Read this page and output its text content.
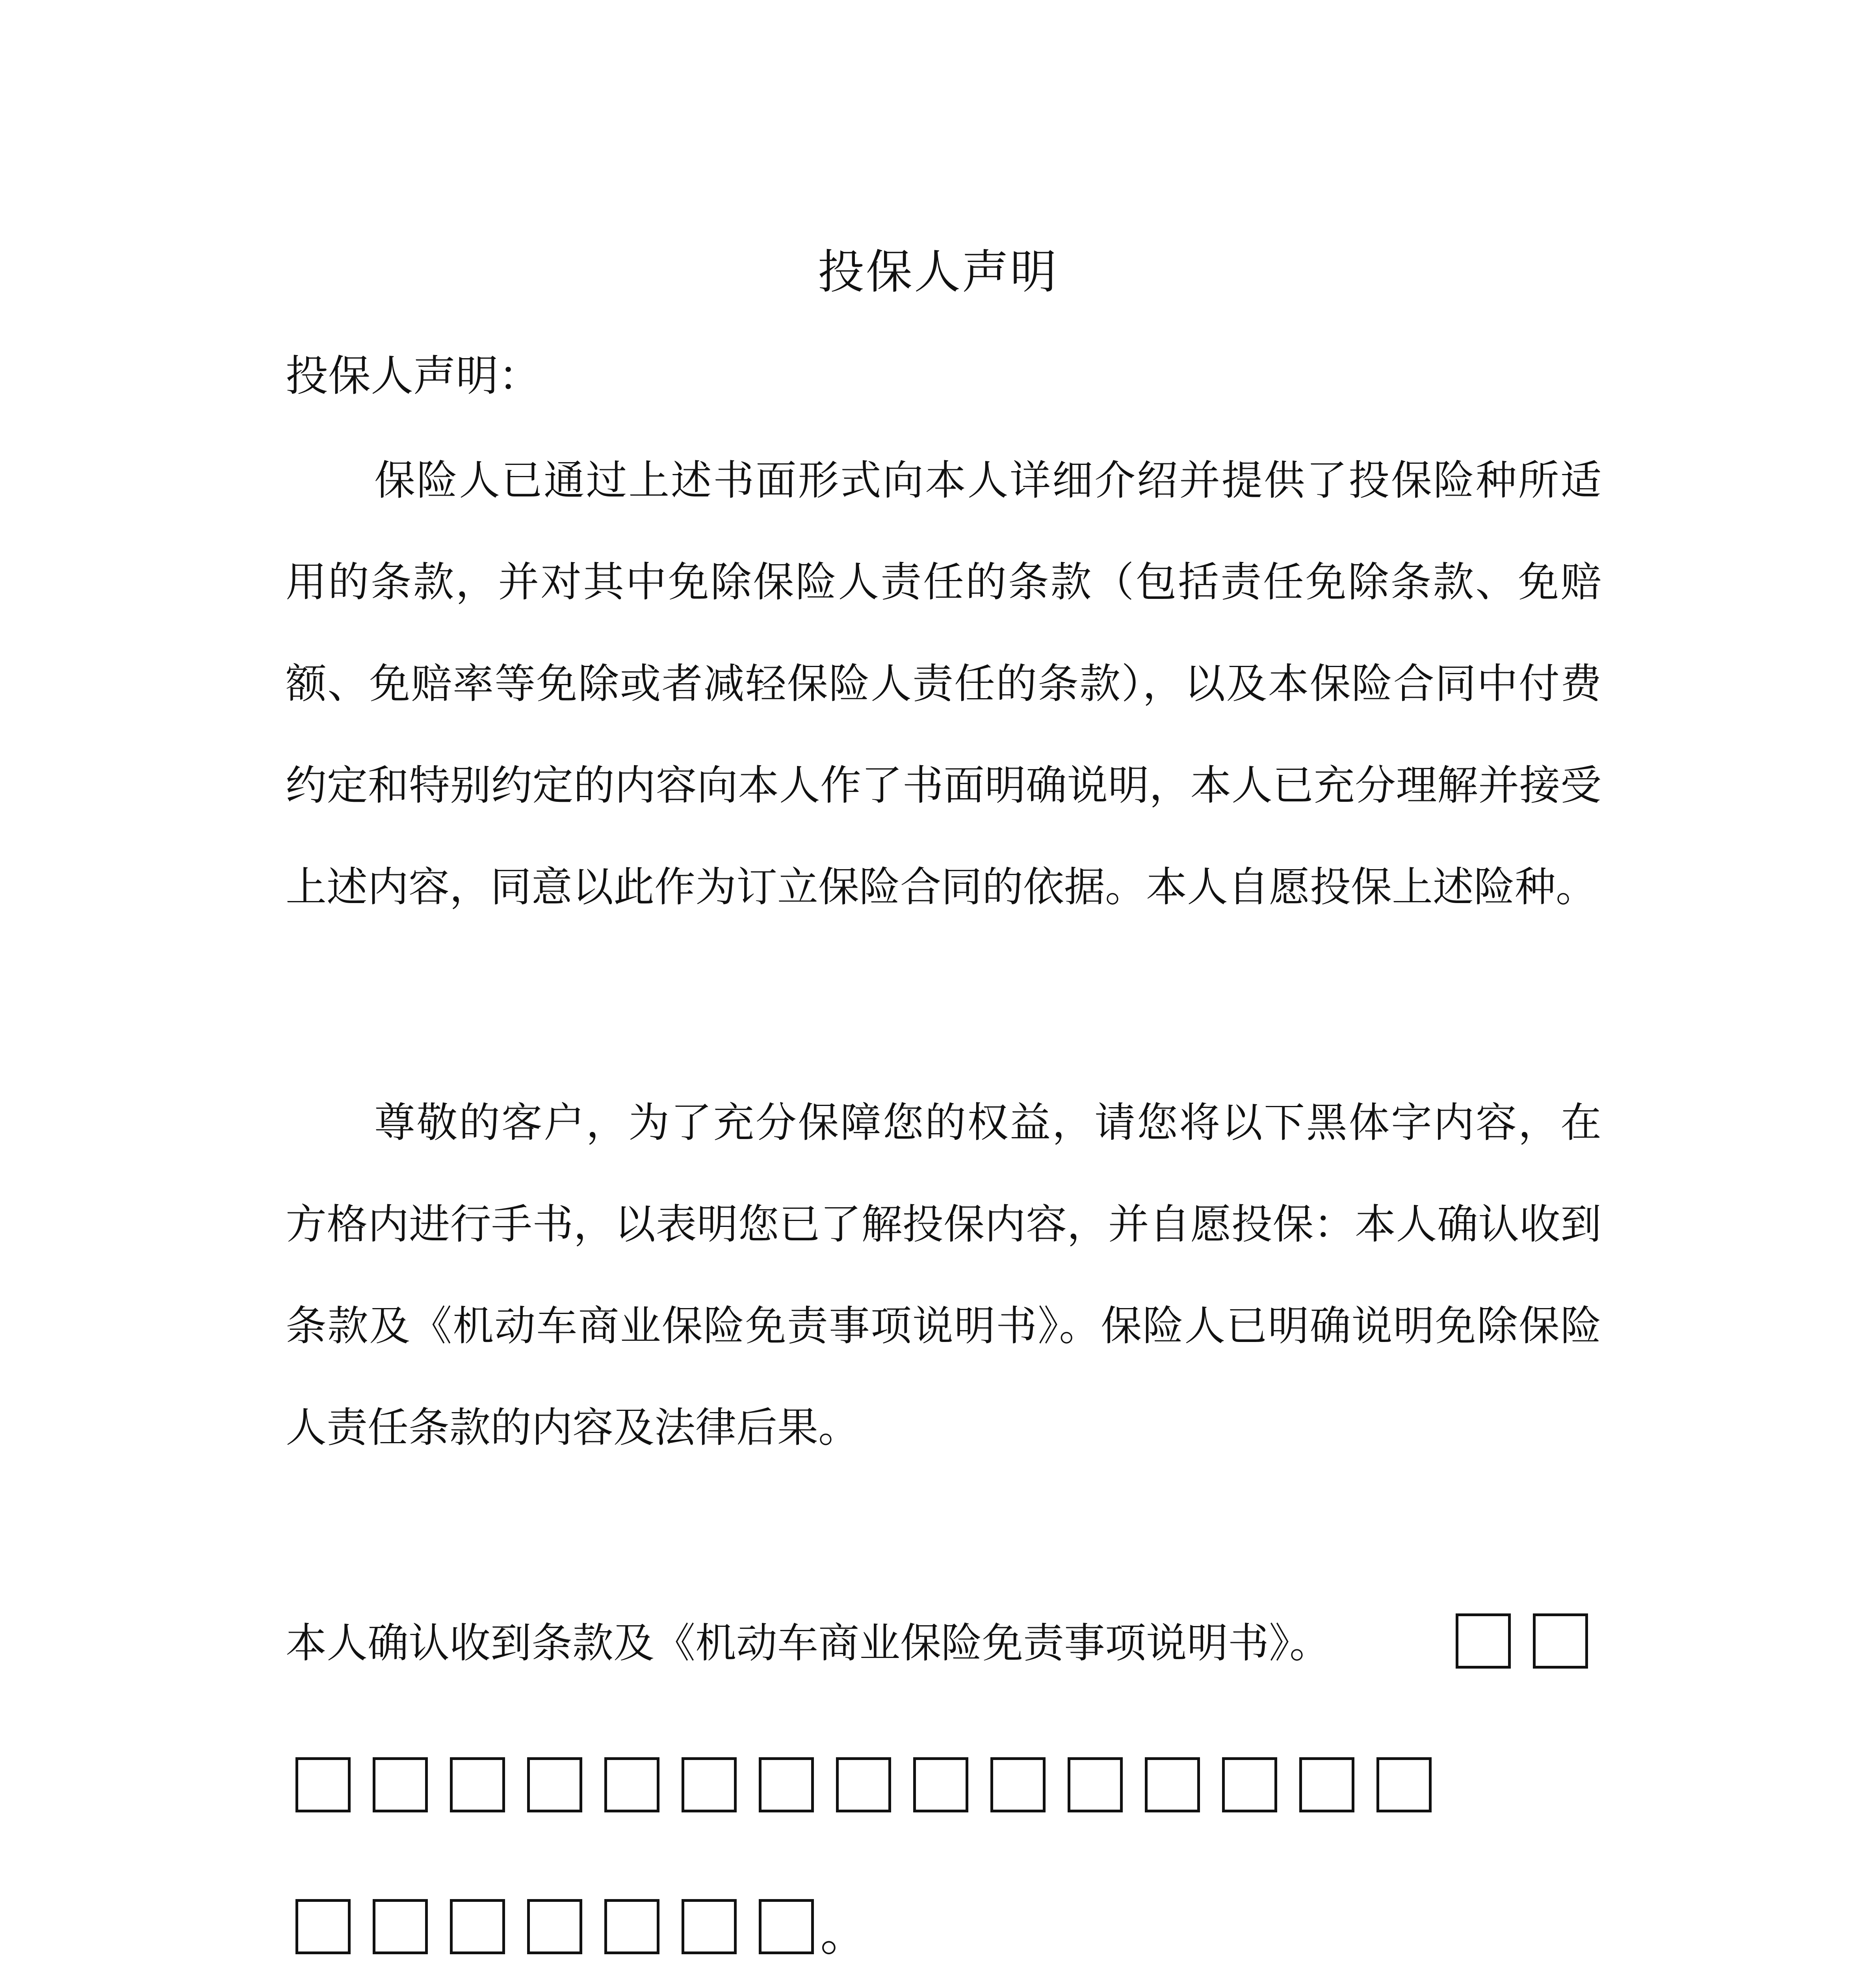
投保人声明
投保人声明：
保险人已通过上述书面形式向本人详细介绍并提供了投保险种所适用的条款，并对其中免除保险人责任的条款（包括责任免除条款、免赔额、免赔率等免除或者减轻保险人责任的条款），以及本保险合同中付费约定和特别约定的内容向本人作了书面明确说明，本人已充分理解并接受上述内容，同意以此作为订立保险合同的依据。本人自愿投保上述险种。
尊敬的客户，为了充分保障您的权益，请您将以下黑体字内容，在方格内进行手书，以表明您已了解投保内容，并自愿投保：本人确认收到条款及《机动车商业保险免责事项说明书》。保险人已明确说明免除保险人责任条款的内容及法律后果。
本人确认收到条款及《机动车商业保险免责事项说明书》。
。
